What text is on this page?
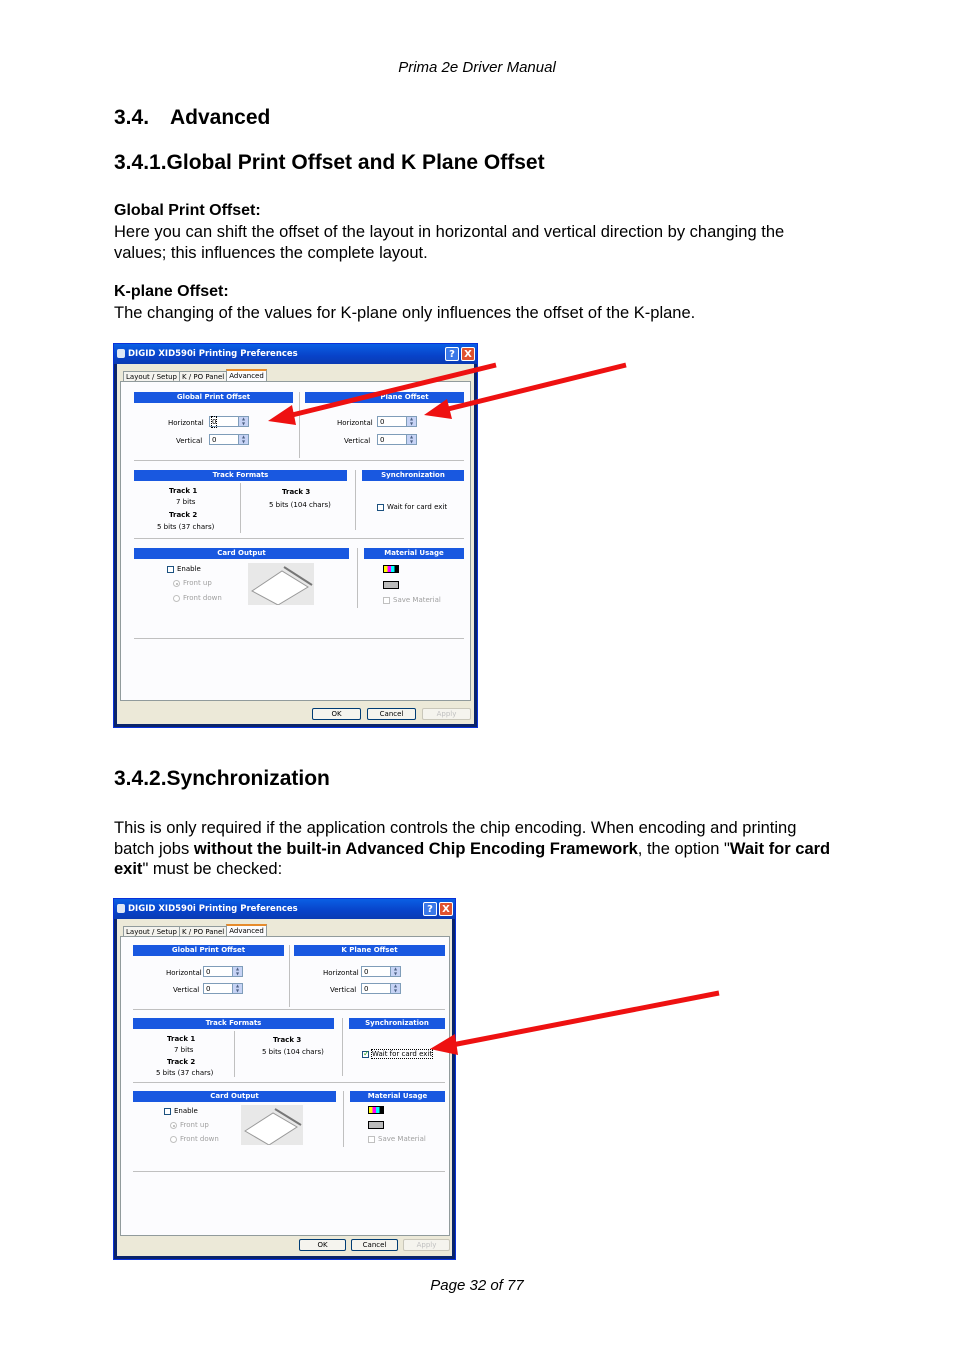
Prima 2e Driver Manual
3.4. Advanced
3.4.1.Global Print Offset and K Plane Offset
Global Print Offset:
Here you can shift the offset of the layout in horizontal and vertical direction by changing the
values; this influences the complete layout.
K-plane Offset:
The changing of the values for K-plane only influences the offset of the K-plane.
DIGID XID590i Printing Preferences	? X
Layout / Setup K / PO Panel Advanced
Global Print Offset
Horizontal 0	▲
▼
Vertical 0	▲
▼
Plane Offset
Horizontal 0	▲
▼
Vertical 0	▲
▼
Track Formats
Track 1
7 bits
Track 2
5 bits (37 chars)
Track 3
5 bits (104 chars)
Synchronization
Wait for card exit
Card Output
Enable
Front up
Front down
Material Usage
Save Material
OK	Cancel	Apply
3.4.2.Synchronization
This is only required if the application controls the chip encoding. When encoding and printing
batch jobs without the built-in Advanced Chip Encoding Framework, the option "Wait for card
exit" must be checked:
DIGID XID590i Printing Preferences	? X
Layout / Setup K / PO Panel Advanced
Global Print Offset
Horizontal 0	▲
▼
Vertical 0	▲
▼
K Plane Offset
Horizontal 0	▲
▼
Vertical 0	▲
▼
Track Formats
Track 1
7 bits
Track 2
5 bits (37 chars)
Track 3
5 bits (104 chars)
Synchronization
✓
Wait for card exit
Card Output
Enable
Front up
Front down
Material Usage
Save Material
OK	Cancel	Apply
Page 32 of 77
